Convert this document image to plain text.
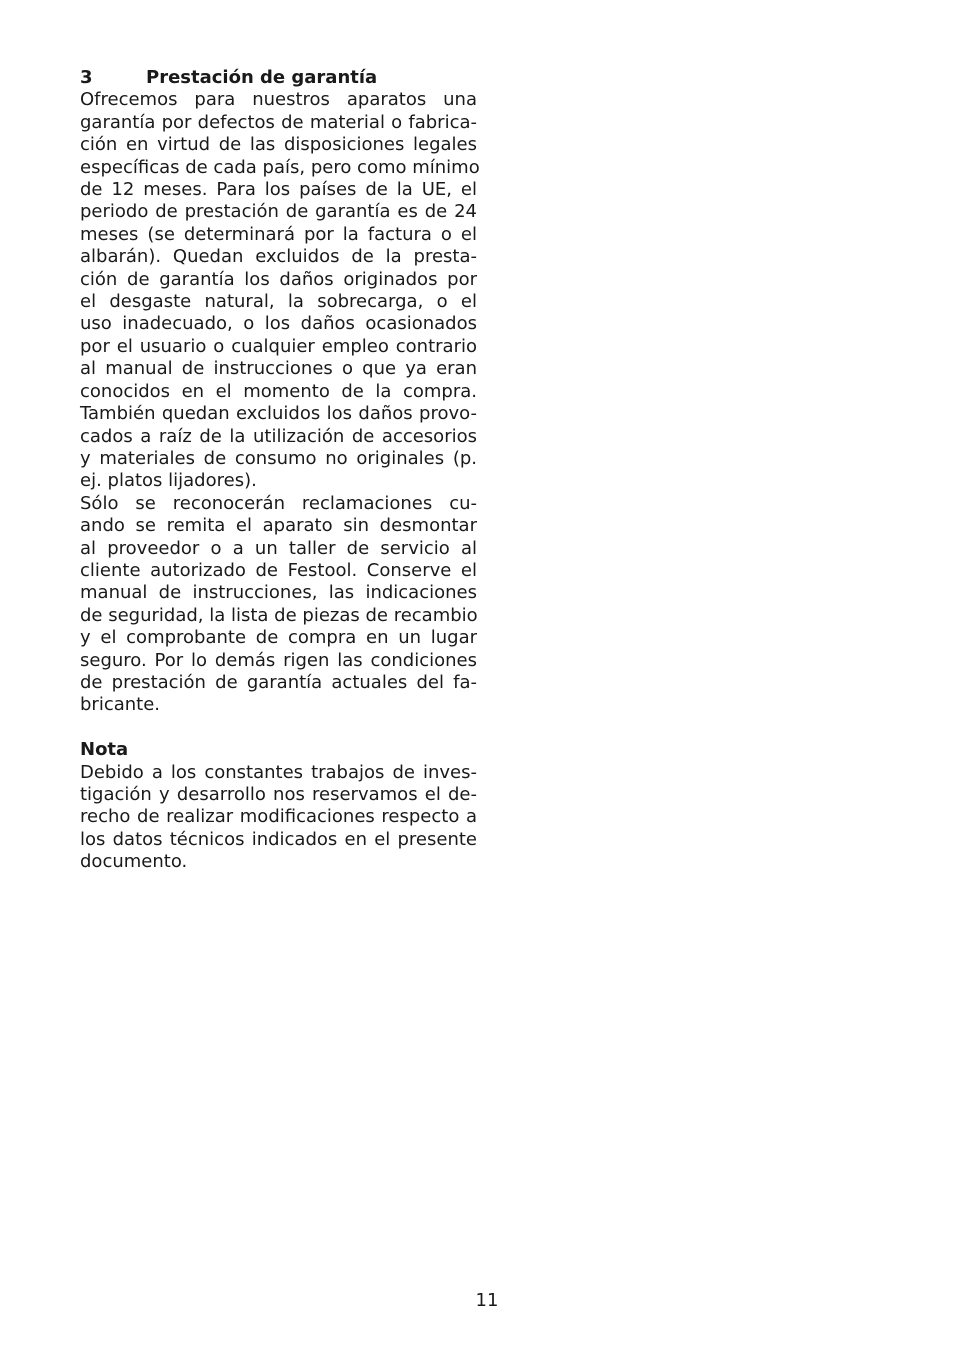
3	Prestación de garantía

Ofrecemos para nuestros aparatos una
garantía por defectos de material o fabrica-
ción en virtud de las disposiciones legales
específicas de cada país, pero como mínimo
de 12 meses. Para los países de la UE, el
periodo de prestación de garantía es de 24
meses (se determinará por la factura o el
albarán). Quedan excluidos de la presta-
ción de garantía los daños originados por
el desgaste natural, la sobrecarga, o el
uso inadecuado, o los daños ocasionados
por el usuario o cualquier empleo contrario
al manual de instrucciones o que ya eran
conocidos en el momento de la compra.
También quedan excluidos los daños provo-
cados a raíz de la utilización de accesorios
y materiales de consumo no originales (p.
ej. platos lijadores).

Sólo se reconocerán reclamaciones cu-
ando se remita el aparato sin desmontar
al proveedor o a un taller de servicio al
cliente autorizado de Festool. Conserve el
manual de instrucciones, las indicaciones
de seguridad, la lista de piezas de recambio
y el comprobante de compra en un lugar
seguro. Por lo demás rigen las condiciones
de prestación de garantía actuales del fa-
bricante.

Nota

Debido a los constantes trabajos de inves-
tigación y desarrollo nos reservamos el de-
recho de realizar modificaciones respecto a
los datos técnicos indicados en el presente
documento.

11
